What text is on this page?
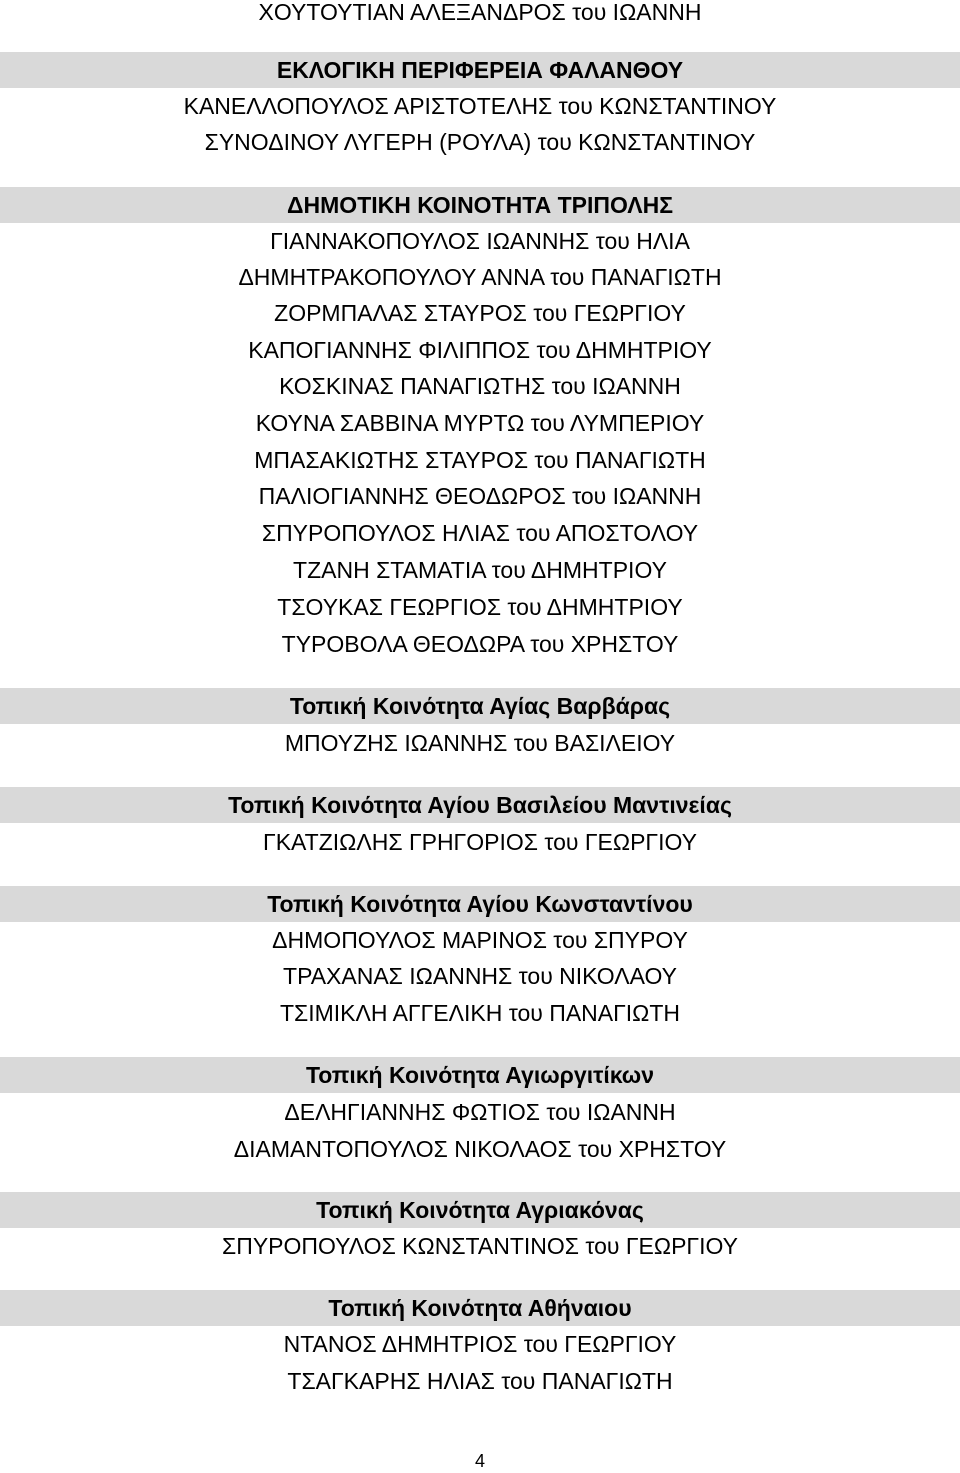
ΧΟΥΤΟΥΤΙΑΝ ΑΛΕΞΑΝΔΡΟΣ του ΙΩΑΝΝΗ
ΕΚΛΟΓΙΚΗ ΠΕΡΙΦΕΡΕΙΑ ΦΑΛΑΝΘΟΥ
ΚΑΝΕΛΛΟΠΟΥΛΟΣ ΑΡΙΣΤΟΤΕΛΗΣ του ΚΩΝΣΤΑΝΤΙΝΟΥ
ΣΥΝΟΔΙΝΟΥ ΛΥΓΕΡΗ (ΡΟΥΛΑ) του ΚΩΝΣΤΑΝΤΙΝΟΥ
ΔΗΜΟΤΙΚΗ ΚΟΙΝΟΤΗΤΑ ΤΡΙΠΟΛΗΣ
ΓΙΑΝΝΑΚΟΠΟΥΛΟΣ ΙΩΑΝΝΗΣ του ΗΛΙΑ
ΔΗΜΗΤΡΑΚΟΠΟΥΛΟΥ ΑΝΝΑ του ΠΑΝΑΓΙΩΤΗ
ΖΟΡΜΠΑΛΑΣ ΣΤΑΥΡΟΣ του ΓΕΩΡΓΙΟΥ
ΚΑΠΟΓΙΑΝΝΗΣ ΦΙΛΙΠΠΟΣ του ΔΗΜΗΤΡΙΟΥ
ΚΟΣΚΙΝΑΣ ΠΑΝΑΓΙΩΤΗΣ του ΙΩΑΝΝΗ
ΚΟΥΝΑ ΣΑΒΒΙΝΑ ΜΥΡΤΩ του ΛΥΜΠΕΡΙΟΥ
ΜΠΑΣΑΚΙΩΤΗΣ ΣΤΑΥΡΟΣ του ΠΑΝΑΓΙΩΤΗ
ΠΑΛΙΟΓΙΑΝΝΗΣ ΘΕΟΔΩΡΟΣ του ΙΩΑΝΝΗ
ΣΠΥΡΟΠΟΥΛΟΣ ΗΛΙΑΣ του ΑΠΟΣΤΟΛΟΥ
ΤΖΑΝΗ ΣΤΑΜΑΤΙΑ του ΔΗΜΗΤΡΙΟΥ
ΤΣΟΥΚΑΣ ΓΕΩΡΓΙΟΣ του ΔΗΜΗΤΡΙΟΥ
ΤΥΡΟΒΟΛΑ ΘΕΟΔΩΡΑ του ΧΡΗΣΤΟΥ
Τοπική Κοινότητα Αγίας Βαρβάρας
ΜΠΟΥΖΗΣ ΙΩΑΝΝΗΣ του ΒΑΣΙΛΕΙΟΥ
Τοπική Κοινότητα Αγίου Βασιλείου Μαντινείας
ΓΚΑΤΖΙΩΛΗΣ ΓΡΗΓΟΡΙΟΣ του ΓΕΩΡΓΙΟΥ
Τοπική Κοινότητα Αγίου Κωνσταντίνου
ΔΗΜΟΠΟΥΛΟΣ ΜΑΡΙΝΟΣ του ΣΠΥΡΟΥ
ΤΡΑΧΑΝΑΣ ΙΩΑΝΝΗΣ του ΝΙΚΟΛΑΟΥ
ΤΣΙΜΙΚΛΗ ΑΓΓΕΛΙΚΗ του ΠΑΝΑΓΙΩΤΗ
Τοπική Κοινότητα Αγιωργιτίκων
ΔΕΛΗΓΙΑΝΝΗΣ ΦΩΤΙΟΣ του ΙΩΑΝΝΗ
ΔΙΑΜΑΝΤΟΠΟΥΛΟΣ ΝΙΚΟΛΑΟΣ του ΧΡΗΣΤΟΥ
Τοπική Κοινότητα Αγριακόνας
ΣΠΥΡΟΠΟΥΛΟΣ ΚΩΝΣΤΑΝΤΙΝΟΣ του ΓΕΩΡΓΙΟΥ
Τοπική Κοινότητα Αθήναιου
ΝΤΑΝΟΣ ΔΗΜΗΤΡΙΟΣ του ΓΕΩΡΓΙΟΥ
ΤΣΑΓΚΑΡΗΣ ΗΛΙΑΣ του ΠΑΝΑΓΙΩΤΗ
4
